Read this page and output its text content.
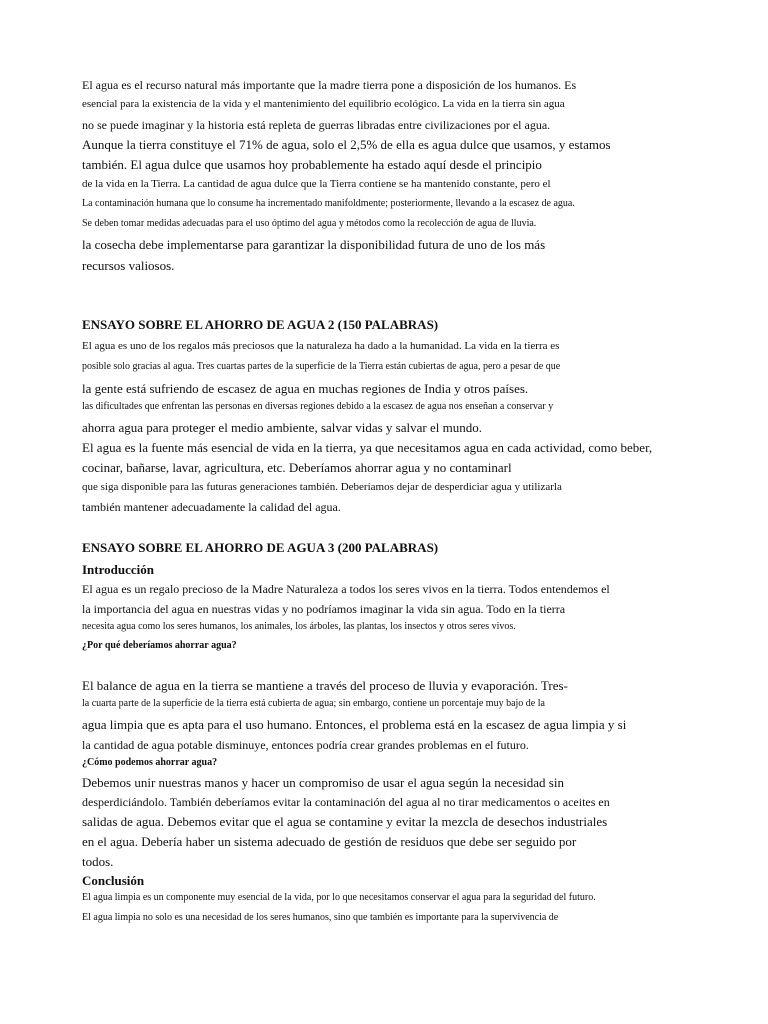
El agua es el recurso natural más importante que la madre tierra pone a disposición de los humanos. Es
esencial para la existencia de la vida y el mantenimiento del equilibrio ecológico. La vida en la tierra sin agua
no se puede imaginar y la historia está repleta de guerras libradas entre civilizaciones por el agua.
Aunque la tierra constituye el 71% de agua, solo el 2,5% de ella es agua dulce que usamos, y estamos
también. El agua dulce que usamos hoy probablemente ha estado aquí desde el principio
de la vida en la Tierra. La cantidad de agua dulce que la Tierra contiene se ha mantenido constante, pero el
La contaminación humana que lo consume ha incrementado manifoldmente; posteriormente, llevando a la escasez de agua.
Se deben tomar medidas adecuadas para el uso óptimo del agua y métodos como la recolección de agua de lluvia.
la cosecha debe implementarse para garantizar la disponibilidad futura de uno de los más
recursos valiosos.
ENSAYO SOBRE EL AHORRO DE AGUA 2 (150 PALABRAS)
El agua es uno de los regalos más preciosos que la naturaleza ha dado a la humanidad. La vida en la tierra es
posible solo gracias al agua. Tres cuartas partes de la superficie de la Tierra están cubiertas de agua, pero a pesar de que
la gente está sufriendo de escasez de agua en muchas regiones de India y otros países.
las dificultades que enfrentan las personas en diversas regiones debido a la escasez de agua nos enseñan a conservar y
ahorra agua para proteger el medio ambiente, salvar vidas y salvar el mundo.
El agua es la fuente más esencial de vida en la tierra, ya que necesitamos agua en cada actividad, como beber,
cocinar, bañarse, lavar, agricultura, etc. Deberíamos ahorrar agua y no contaminarl
que siga disponible para las futuras generaciones también. Deberíamos dejar de desperdiciar agua y utilizarla
también mantener adecuadamente la calidad del agua.
ENSAYO SOBRE EL AHORRO DE AGUA 3 (200 PALABRAS)
Introducción
El agua es un regalo precioso de la Madre Naturaleza a todos los seres vivos en la tierra. Todos entendemos el
la importancia del agua en nuestras vidas y no podríamos imaginar la vida sin agua. Todo en la tierra
necesita agua como los seres humanos, los animales, los árboles, las plantas, los insectos y otros seres vivos.
¿Por qué deberíamos ahorrar agua?
El balance de agua en la tierra se mantiene a través del proceso de lluvia y evaporación. Tres-
la cuarta parte de la superficie de la tierra está cubierta de agua; sin embargo, contiene un porcentaje muy bajo de la
agua limpia que es apta para el uso humano. Entonces, el problema está en la escasez de agua limpia y si
la cantidad de agua potable disminuye, entonces podría crear grandes problemas en el futuro.
¿Cómo podemos ahorrar agua?
Debemos unir nuestras manos y hacer un compromiso de usar el agua según la necesidad sin
desperdiciándolo. También deberíamos evitar la contaminación del agua al no tirar medicamentos o aceites en
salidas de agua. Debemos evitar que el agua se contamine y evitar la mezcla de desechos industriales
en el agua. Debería haber un sistema adecuado de gestión de residuos que debe ser seguido por
todos.
Conclusión
El agua limpia es un componente muy esencial de la vida, por lo que necesitamos conservar el agua para la seguridad del futuro.
El agua limpia no solo es una necesidad de los seres humanos, sino que también es importante para la supervivencia de
